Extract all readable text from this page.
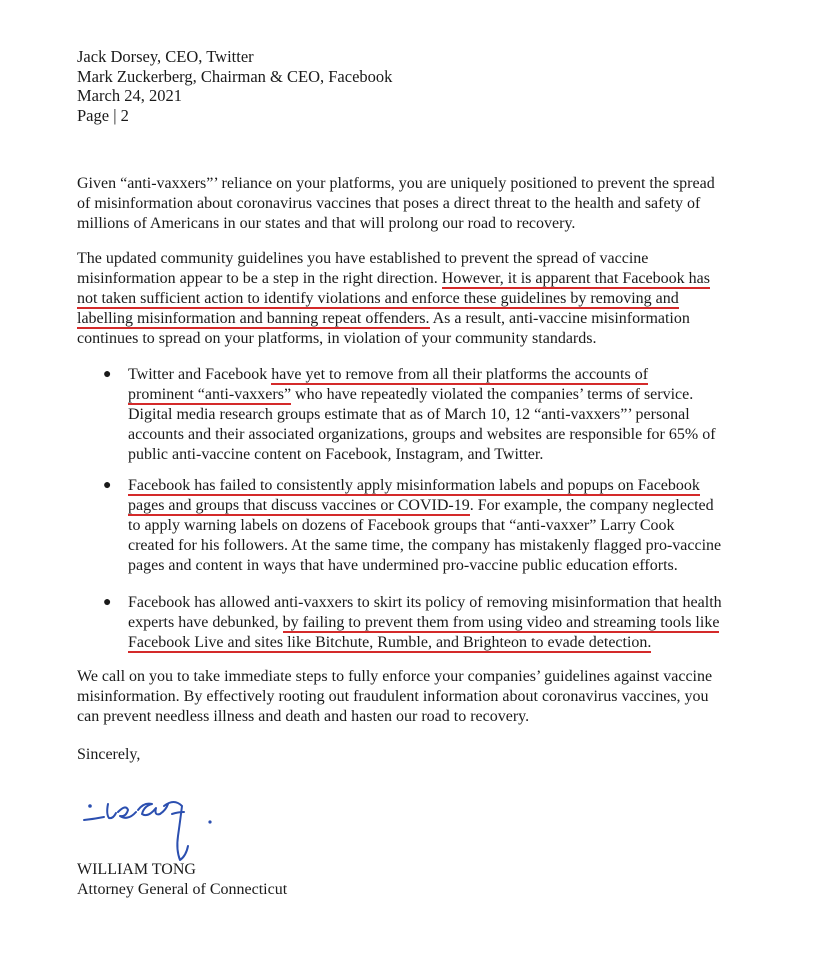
Jack Dorsey, CEO, Twitter
Mark Zuckerberg, Chairman & CEO, Facebook
March 24, 2021
Page | 2
Given “anti-vaxxers”’ reliance on your platforms, you are uniquely positioned to prevent the spread
of misinformation about coronavirus vaccines that poses a direct threat to the health and safety of
millions of Americans in our states and that will prolong our road to recovery.
The updated community guidelines you have established to prevent the spread of vaccine
misinformation appear to be a step in the right direction. However, it is apparent that Facebook has
not taken sufficient action to identify violations and enforce these guidelines by removing and
labelling misinformation and banning repeat offenders. As a result, anti-vaccine misinformation
continues to spread on your platforms, in violation of your community standards.
● Twitter and Facebook have yet to remove from all their platforms the accounts of
prominent “anti-vaxxers” who have repeatedly violated the companies’ terms of service.
Digital media research groups estimate that as of March 10, 12 “anti-vaxxers”’ personal
accounts and their associated organizations, groups and websites are responsible for 65% of
public anti-vaccine content on Facebook, Instagram, and Twitter.
● Facebook has failed to consistently apply misinformation labels and popups on Facebook
pages and groups that discuss vaccines or COVID-19. For example, the company neglected
to apply warning labels on dozens of Facebook groups that “anti-vaxxer” Larry Cook
created for his followers. At the same time, the company has mistakenly flagged pro-vaccine
pages and content in ways that have undermined pro-vaccine public education efforts.
● Facebook has allowed anti-vaxxers to skirt its policy of removing misinformation that health
experts have debunked, by failing to prevent them from using video and streaming tools like
Facebook Live and sites like Bitchute, Rumble, and Brighteon to evade detection.
We call on you to take immediate steps to fully enforce your companies’ guidelines against vaccine
misinformation. By effectively rooting out fraudulent information about coronavirus vaccines, you
can prevent needless illness and death and hasten our road to recovery.
Sincerely,
WILLIAM TONG
Attorney General of Connecticut
